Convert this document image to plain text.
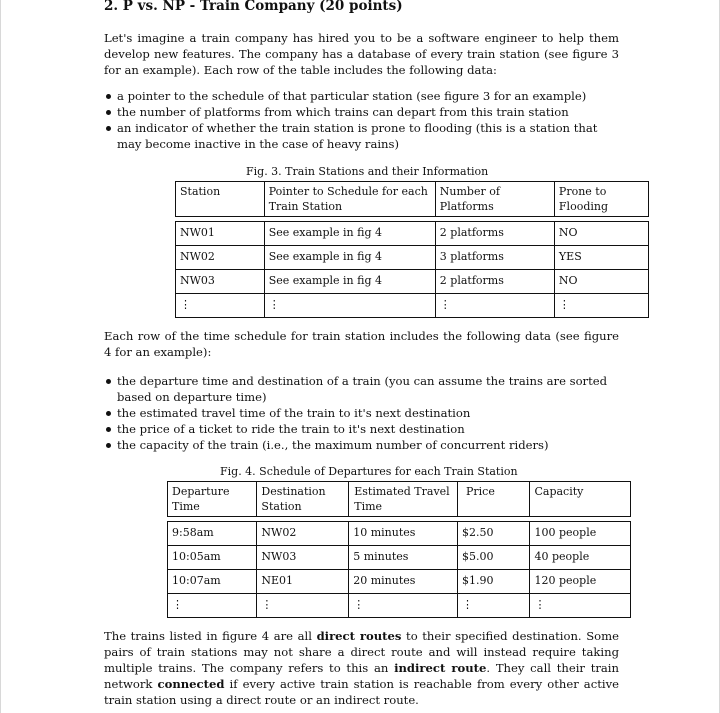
2. P vs. NP - Train Company (20 points)

Let's imagine a train company has hired you to be a software engineer to help them develop new features. The company has a database of every train station (see figure 3 for an example). Each row of the table includes the following data:

a pointer to the schedule of that particular station (see figure 3 for an example)
the number of platforms from which trains can depart from this train station
an indicator of whether the train station is prone to flooding (this is a station that may become inactive in the case of heavy rains)
Fig. 3. Train Stations and their Information
Station	Pointer to Schedule for each Train Station	Number of Platforms	Prone to Flooding

NW01	See example in fig 4	2 platforms	NO
NW02	See example in fig 4	3 platforms	YES
NW03	See example in fig 4	2 platforms	NO
⋮	⋮	⋮	⋮

Each row of the time schedule for train station includes the following data (see figure 4 for an example):

the departure time and destination of a train (you can assume the trains are sorted based on departure time)
the estimated travel time of the train to it's next destination
the price of a ticket to ride the train to it's next destination
the capacity of the train (i.e., the maximum number of concurrent riders)
Fig. 4. Schedule of Departures for each Train Station
Departure Time	Destination Station	Estimated Travel Time	Price	Capacity

9:58am	NW02	10 minutes	$2.50	100 people
10:05am	NW03	5 minutes	$5.00	40 people
10:07am	NE01	20 minutes	$1.90	120 people
⋮	⋮	⋮	⋮	⋮

The trains listed in figure 4 are all direct routes to their specified destination. Some pairs of train stations may not share a direct route and will instead require taking multiple trains. The company refers to this an indirect route. They call their train network connected if every active train station is reachable from every other active train station using a direct route or an indirect route.
